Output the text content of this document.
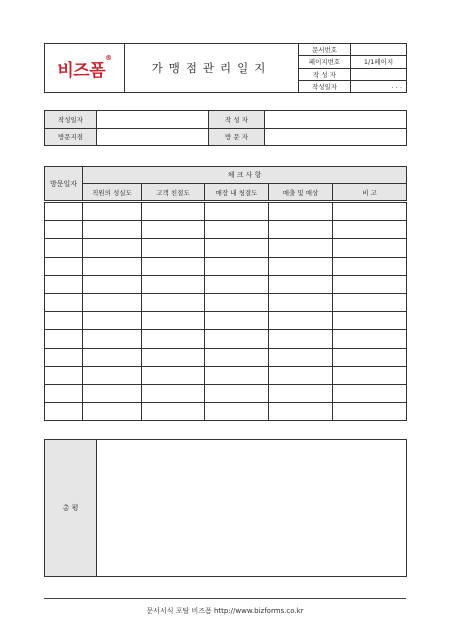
비즈폼®	가맹점관리일지	문서번호	
		페이지번호	1/1페이지
		작 성 자	
		작성일자	. . .
작성일자		작 성 자	
방문지점		방 문 자	
방문일자	체 크 사 항				
	직원의 성실도	고객 친절도	매장 내 청결도	매출 및 매상	비 고

총 평	
문서서식 포탈 비즈폼 http://www.bizforms.co.kr
